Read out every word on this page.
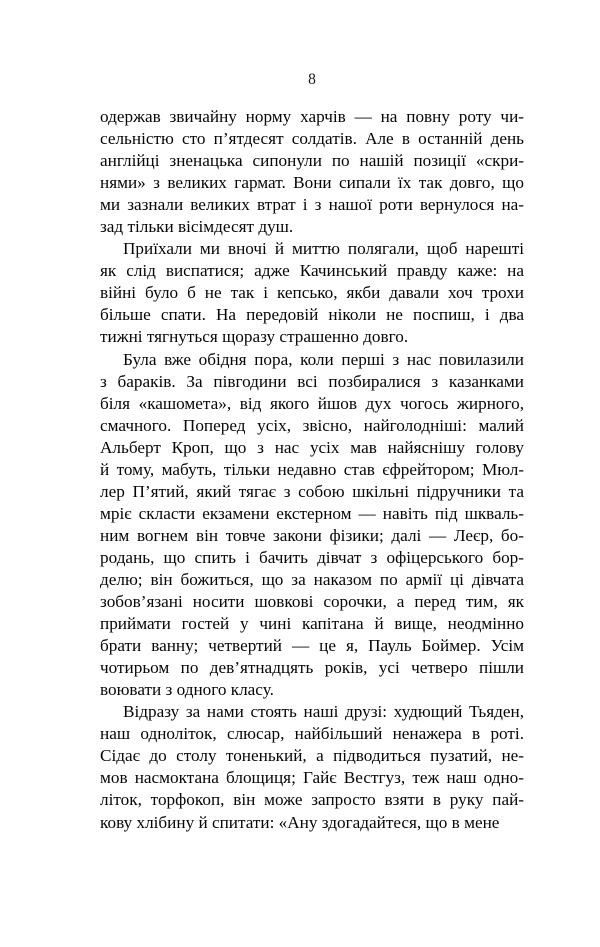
8
одержав звичайну норму харчів — на повну роту чи-
сельністю сто п’ятдесят солдатів. Але в останній день
англійці зненацька сипонули по нашій позиції «скри-
нями» з великих гармат. Вони сипали їх так довго, що
ми зазнали великих втрат і з нашої роти вернулося на-
зад тільки вісімдесят душ.
Приїхали ми вночі й миттю полягали, щоб нарешті
як слід виспатися; адже Качинський правду каже: на
війні було б не так і кепсько, якби давали хоч трохи
більше спати. На передовій ніколи не поспиш, і два
тижні тягнуться щоразу страшенно довго.
Була вже обідня пора, коли перші з нас повилазили
з бараків. За півгодини всі позбиралися з казанками
біля «кашомета», від якого йшов дух чогось жирного,
смачного. Поперед усіх, звісно, найголодніші: малий
Альберт Кроп, що з нас усіх мав найяснішу голову
й тому, мабуть, тільки недавно став єфрейтором; Мюл-
лер П’ятий, який тягає з собою шкільні підручники та
мріє скласти екзамени екстерном — навіть під шкваль-
ним вогнем він товче закони фізики; далі — Леєр, бо-
родань, що спить і бачить дівчат з офіцерського бор-
делю; він божиться, що за наказом по армії ці дівчата
зобов’язані носити шовкові сорочки, а перед тим, як
приймати гостей у чині капітана й вище, неодмінно
брати ванну; четвертий — це я, Пауль Боймер. Усім
чотирьом по дев’ятнадцять років, усі четверо пішли
воювати з одного класу.
Відразу за нами стоять наші друзі: худющий Тьяден,
наш одноліток, слюсар, найбільший ненажера в роті.
Сідає до столу тоненький, а підводиться пузатий, не-
мов насмоктана блощиця; Гайє Вестгуз, теж наш одно-
літок, торфокоп, він може запросто взяти в руку пай-
кову хлібину й спитати: «Ану здогадайтеся, що в мене
